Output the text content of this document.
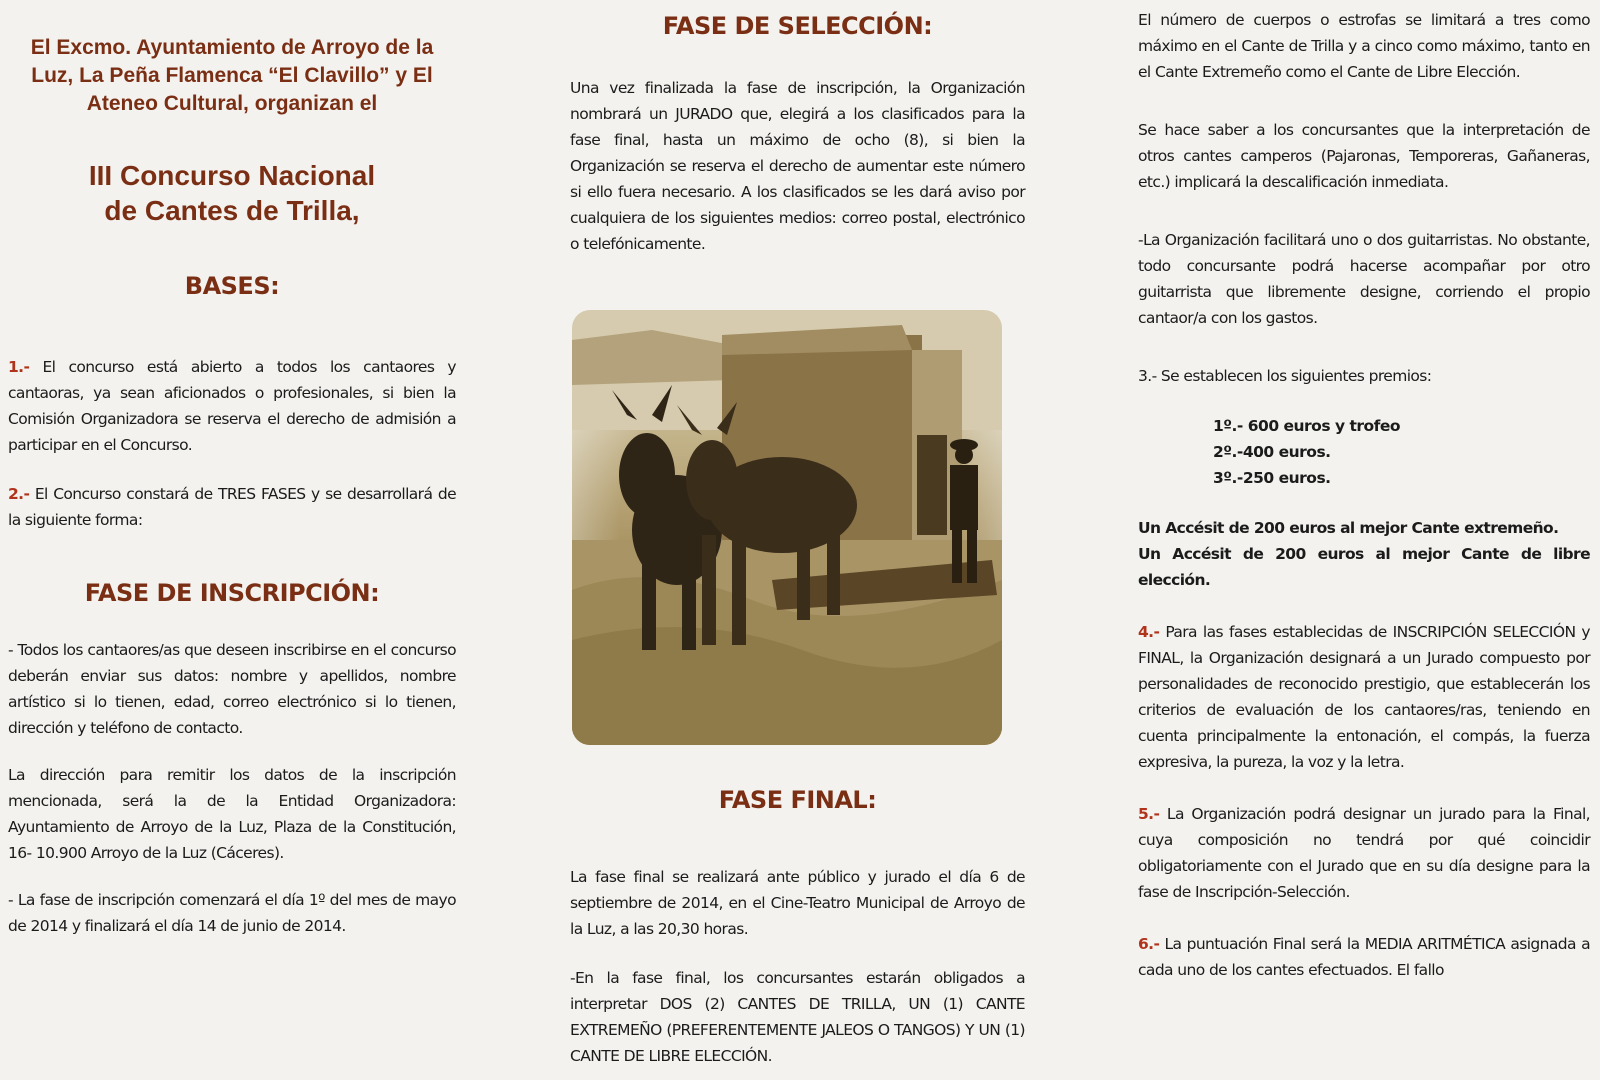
El Excmo. Ayuntamiento de Arroyo de la Luz, La Peña Flamenca “El Clavillo” y El Ateneo Cultural, organizan el
III Concurso Nacional
de Cantes de Trilla,
BASES:

1.- El concurso está abierto a todos los cantaores y cantaoras, ya sean aficionados o profesionales, si bien la Comisión Organizadora se reserva el derecho de admisión a participar en el Concurso.

2.- El Concurso constará de TRES FASES y se desarrollará de la siguiente forma:

FASE DE INSCRIPCIÓN:

- Todos los cantaores/as que deseen inscribirse en el concurso deberán enviar sus datos: nombre y apellidos, nombre artístico si lo tienen, edad, correo electrónico si lo tienen, dirección y teléfono de contacto.

La dirección para remitir los datos de la inscripción mencionada, será la de la Entidad Organizadora: Ayuntamiento de Arroyo de la Luz, Plaza de la Constitución, 16- 10.900 Arroyo de la Luz (Cáceres).

- La fase de inscripción comenzará el día 1º del mes de mayo de 2014 y finalizará el día 14 de junio de 2014.

FASE DE SELECCIÓN:

Una vez finalizada la fase de inscripción, la Organización nombrará un JURADO que, elegirá a los clasificados para la fase final, hasta un máximo de ocho (8), si bien la Organización se reserva el derecho de aumentar este número si ello fuera necesario. A los clasificados se les dará aviso por cualquiera de los siguientes medios: correo postal, electrónico o telefónicamente.

FASE FINAL:

La fase final se realizará ante público y jurado el día 6 de septiembre de 2014, en el Cine-Teatro Municipal de Arroyo de la Luz, a las 20,30 horas.

-En la fase final, los concursantes estarán obligados a interpretar DOS (2) CANTES DE TRILLA, UN (1) CANTE EXTREMEÑO (PREFERENTEMENTE JALEOS O TANGOS) Y UN (1) CANTE DE LIBRE ELECCIÓN.

El número de cuerpos o estrofas se limitará a tres como máximo en el Cante de Trilla y a cinco como máximo, tanto en el Cante Extremeño como el Cante de Libre Elección.

Se hace saber a los concursantes que la interpretación de otros cantes camperos (Pajaronas, Temporeras, Gañaneras, etc.) implicará la descalificación inmediata.

-La Organización facilitará uno o dos guitarristas. No obstante, todo concursante podrá hacerse acompañar por otro guitarrista que libremente designe, corriendo el propio cantaor/a con los gastos.

3.- Se establecen los siguientes premios:

1º.- 600 euros y trofeo
2º.-400 euros.
3º.-250 euros.

Un Accésit de 200 euros al mejor Cante extremeño.

Un Accésit de 200 euros al mejor Cante de libre elección.

4.- Para las fases establecidas de INSCRIPCIÓN SELECCIÓN y FINAL, la Organización designará a un Jurado compuesto por personalidades de reconocido prestigio, que establecerán los criterios de evaluación de los cantaores/ras, teniendo en cuenta principalmente la entonación, el compás, la fuerza expresiva, la pureza, la voz y la letra.

5.- La Organización podrá designar un jurado para la Final, cuya composición no tendrá por qué coincidir obligatoriamente con el Jurado que en su día designe para la fase de Inscripción-Selección.

6.- La puntuación Final será la MEDIA ARITMÉTICA asignada a cada uno de los cantes efectuados. El fallo
